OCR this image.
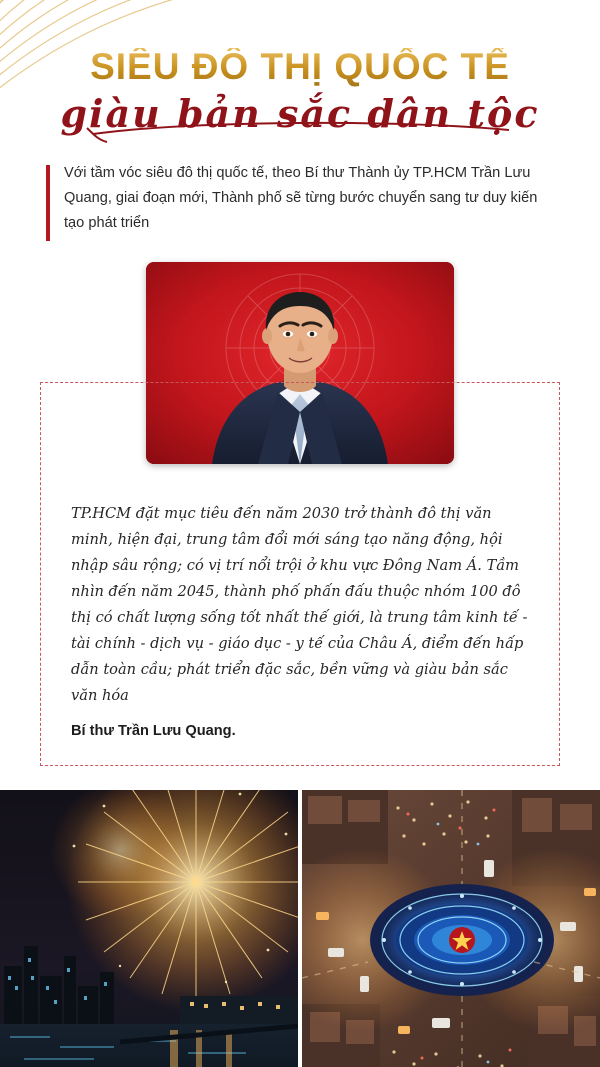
SIÊU ĐÔ THỊ QUỐC TẾ
giàu bản sắc dân tộc

Với tầm vóc siêu đô thị quốc tế, theo Bí thư Thành ủy TP.HCM Trần Lưu Quang, giai đoạn mới, Thành phố sẽ từng bước chuyển sang tư duy kiến tạo phát triển

TP.HCM đặt mục tiêu đến năm 2030 trở thành đô thị văn minh, hiện đại, trung tâm đổi mới sáng tạo năng động, hội nhập sâu rộng; có vị trí nổi trội ở khu vực Đông Nam Á. Tầm nhìn đến năm 2045, thành phố phấn đấu thuộc nhóm 100 đô thị có chất lượng sống tốt nhất thế giới, là trung tâm kinh tế - tài chính - dịch vụ - giáo dục - y tế của Châu Á, điểm đến hấp dẫn toàn cầu; phát triển đặc sắc, bền vững và giàu bản sắc văn hóa

Bí thư Trần Lưu Quang.
